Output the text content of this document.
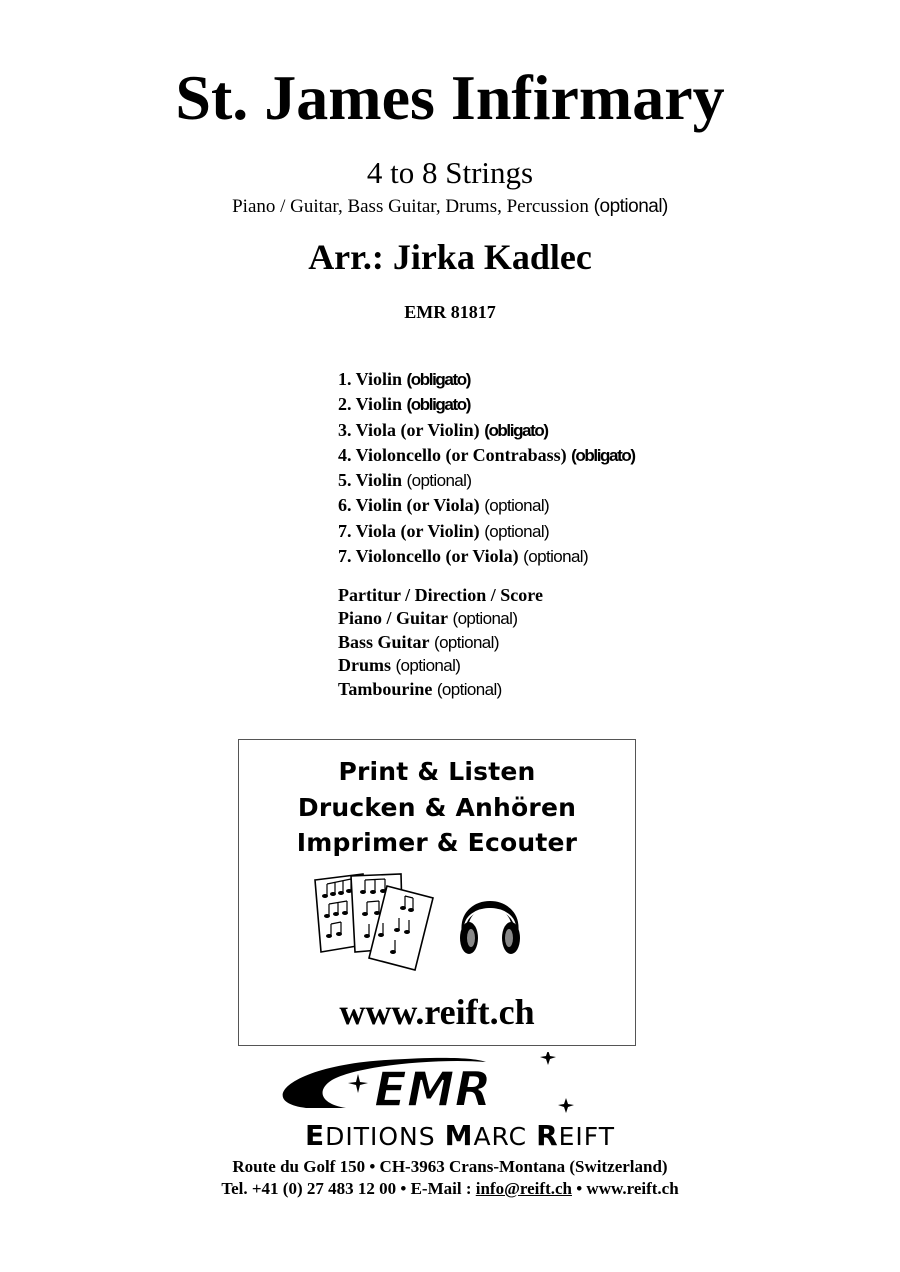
St. James Infirmary
4 to 8 Strings
Piano / Guitar, Bass Guitar, Drums, Percussion (optional)
Arr.: Jirka Kadlec
EMR 81817
1. Violin (obligato)
2. Violin (obligato)
3. Viola (or Violin) (obligato)
4. Violoncello (or Contrabass) (obligato)
5. Violin (optional)
6. Violin (or Viola) (optional)
7. Viola (or Violin) (optional)
7. Violoncello (or Viola) (optional)
Partitur / Direction / Score
Piano / Guitar (optional)
Bass Guitar (optional)
Drums (optional)
Tambourine (optional)
Print & Listen
Drucken & Anhören
Imprimer & Ecouter
www.reift.ch
EMR
EDITIONS MARC REIFT
Route du Golf 150 • CH-3963 Crans-Montana (Switzerland)
Tel. +41 (0) 27 483 12 00 • E-Mail : info@reift.ch • www.reift.ch
